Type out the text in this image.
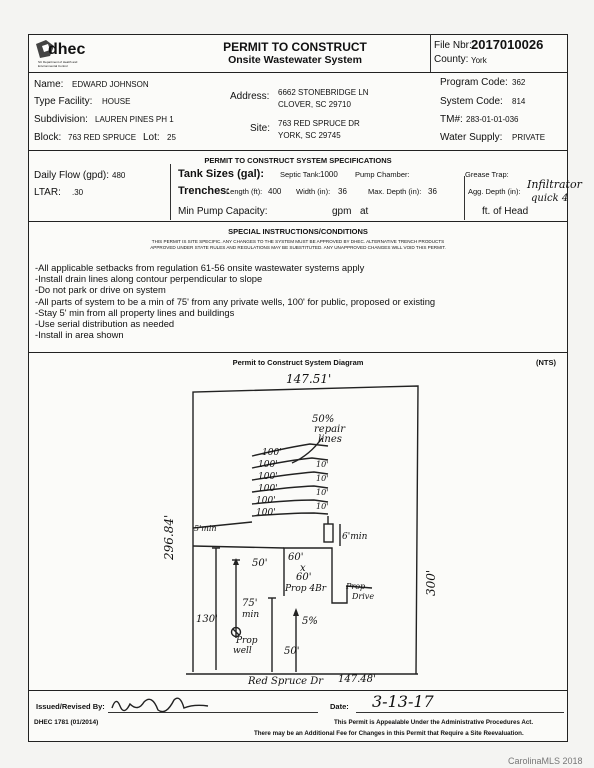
dhec
SC Department of Health and Environmental Control
PERMIT TO CONSTRUCT
Onsite Wastewater System
File Nbr: 2017010026
County: York
Name: EDWARD JOHNSON
Type Facility: HOUSE
Subdivision: LAUREN PINES PH 1
Block: 763 RED SPRUCE Lot: 25
Address: 6662 STONEBRIDGE LN
CLOVER, SC 29710
Site: 763 RED SPRUCE DR
YORK, SC 29745
Program Code: 362
System Code: 814
TM#: 283-01-01-036
Water Supply: PRIVATE
PERMIT TO CONSTRUCT SYSTEM SPECIFICATIONS
Daily Flow (gpd): 480	Tank Sizes (gal): Septic Tank: 1000 Pump Chamber:	Grease Trap:
LTAR: .30	Trenches:
Length (ft): 400 Width (in): 36	Max. Depth (in): 36	Agg. Depth (in):
Infiltrator
quick 4
Min Pump Capacity:	gpm at	ft. of Head
SPECIAL INSTRUCTIONS/CONDITIONS
THIS PERMIT IS SITE SPECIFIC. ANY CHANGES TO THE SYSTEM MUST BE APPROVED BY DHEC. ALTERNATIVE TRENCH PRODUCTS
APPROVED UNDER STATE RULES AND REGULATIONS MAY BE SUBSTITUTED. ANY UNAPPROVED CHANGES WILL VOID THIS PERMIT.
-All applicable setbacks from regulation 61-56 onsite wastewater systems apply
-Install drain lines along contour perpendicular to slope
-Do not park or drive on system
-All parts of system to be a min of 75' from any private wells, 100' for public, proposed or existing
-Stay 5' min from all property lines and buildings
-Use serial distribution as needed
-Install in area shown
Permit to Construct System Diagram	(NTS)
147.51'
296.84'
300'
147.48'
Red Spruce Dr
50%
repair
lines
100'
100'
100'
100'
100'
100'
10'
10'
10'
10'
5'min
6'min
50'
60'
x
60'
Prop 4Br Prop
Drive
75'
min
Prop
well
130'	5%
50'
Issued/Revised By:	Date: 3-13-17
DHEC 1781 (01/2014)	This Permit is Appealable Under the Administrative Procedures Act.
There may be an Additional Fee for Changes in this Permit that Require a Site Reevaluation.
CarolinaMLS 2018
